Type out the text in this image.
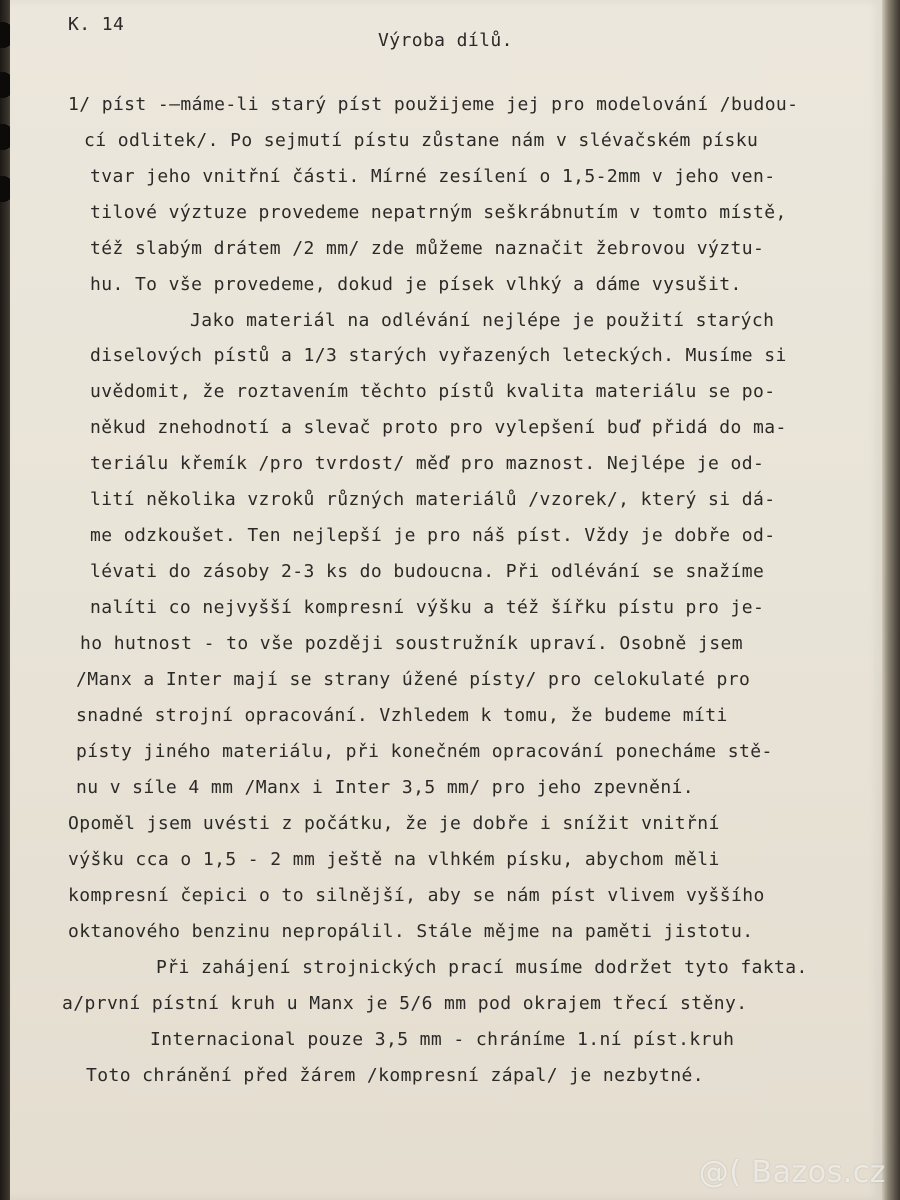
K. 14
Výroba dílů.
1/ píst -–máme-li starý píst použijeme jej pro modelování /budou-
cí odlitek/. Po sejmutí pístu zůstane nám v slévačském písku
tvar jeho vnitřní části. Mírné zesílení o 1,5-2mm v jeho ven-
tilové výztuze provedeme nepatrným seškrábnutím v tomto místě,
též slabým drátem /2 mm/ zde můžeme naznačit žebrovou výztu-
hu. To vše provedeme, dokud je písek vlhký a dáme vysušit.
Jako materiál na odlévání nejlépe je použití starých
diselových pístů a 1/3 starých vyřazených leteckých. Musíme si
uvědomit, že roztavením těchto pístů kvalita materiálu se po-
někud znehodnotí a slevač proto pro vylepšení buď přidá do ma-
teriálu křemík /pro tvrdost/ měď pro maznost. Nejlépe je od-
lití několika vzroků různých materiálů /vzorek/, který si dá-
me odzkoušet. Ten nejlepší je pro náš píst. Vždy je dobře od-
lévati do zásoby 2-3 ks do budoucna. Při odlévání se snažíme
nalíti co nejvyšší kompresní výšku a též šířku pístu pro je-
ho hutnost - to vše později soustružník upraví. Osobně jsem
/Manx a Inter mají se strany úžené písty/ pro celokulaté pro
snadné strojní opracování. Vzhledem k tomu, že budeme míti
písty jiného materiálu, při konečném opracování ponecháme stě-
nu v síle 4 mm /Manx i Inter 3,5 mm/ pro jeho zpevnění.
Opoměl jsem uvésti z počátku, že je dobře i snížit vnitřní
výšku cca o 1,5 - 2 mm ještě na vlhkém písku, abychom měli
kompresní čepici o to silnější, aby se nám píst vlivem vyššího
oktanového benzinu nepropálil. Stále mějme na paměti jistotu.
Při zahájení strojnických prací musíme dodržet tyto fakta.
a/první pístní kruh u Manx je 5/6 mm pod okrajem třecí stěny.
Internacional pouze 3,5 mm - chráníme 1.ní píst.kruh
Toto chránění před žárem /kompresní zápal/ je nezbytné.
@( Bazos.cz
